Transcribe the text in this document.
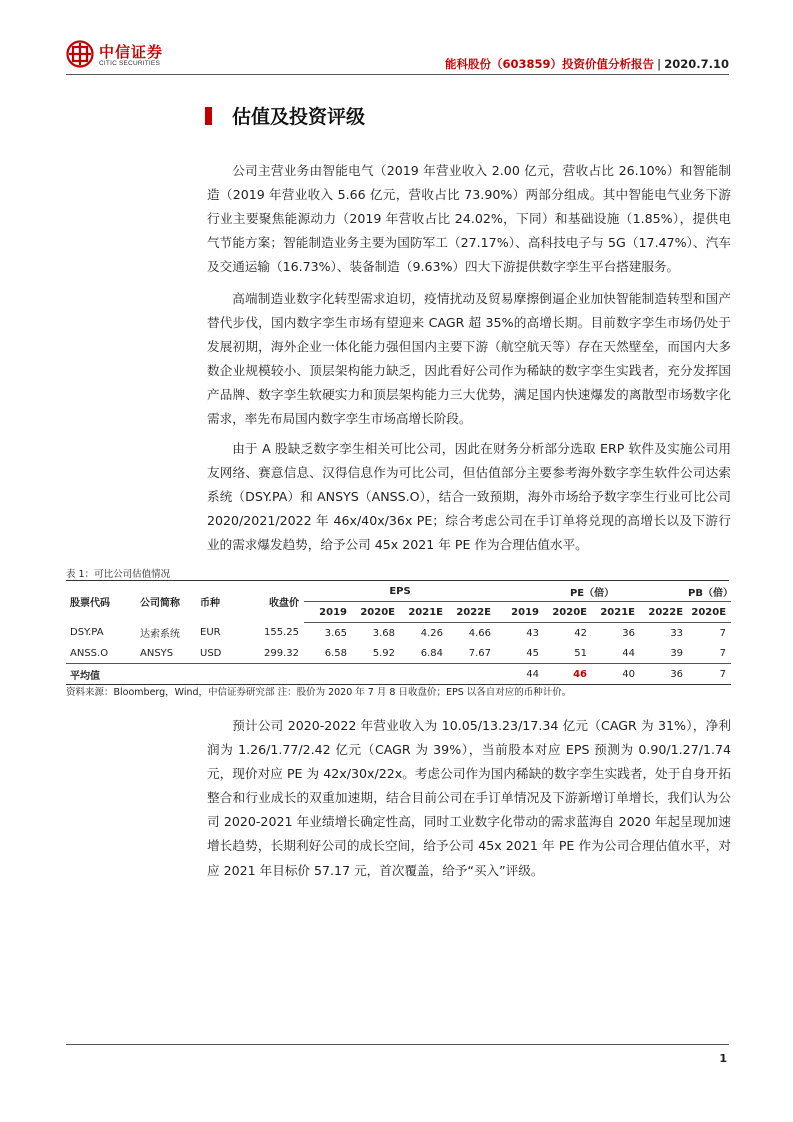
中信证券
CITIC SECURITIES	能科股份（603859）投资价值分析报告 | 2020.7.10
估值及投资评级

公司主营业务由智能电气（2019 年营业收入 2.00 亿元，营收占比 26.10%）和智能制造（2019 年营业收入 5.66 亿元，营收占比 73.90%）两部分组成。其中智能电气业务下游行业主要聚焦能源动力（2019 年营收占比 24.02%，下同）和基础设施（1.85%），提供电气节能方案；智能制造业务主要为国防军工（27.17%）、高科技电子与 5G（17.47%）、汽车及交通运输（16.73%）、装备制造（9.63%）四大下游提供数字孪生平台搭建服务。

高端制造业数字化转型需求迫切，疫情扰动及贸易摩擦倒逼企业加快智能制造转型和国产替代步伐，国内数字孪生市场有望迎来 CAGR 超 35%的高增长期。目前数字孪生市场仍处于发展初期，海外企业一体化能力强但国内主要下游（航空航天等）存在天然壁垒，而国内大多数企业规模较小、顶层架构能力缺乏，因此看好公司作为稀缺的数字孪生实践者，充分发挥国产品牌、数字孪生软硬实力和顶层架构能力三大优势，满足国内快速爆发的离散型市场数字化需求，率先布局国内数字孪生市场高增长阶段。

由于 A 股缺乏数字孪生相关可比公司，因此在财务分析部分选取 ERP 软件及实施公司用友网络、赛意信息、汉得信息作为可比公司，但估值部分主要参考海外数字孪生软件公司达索系统（DSY.PA）和 ANSYS（ANSS.O），结合一致预期，海外市场给予数字孪生行业可比公司 2020/2021/2022 年 46x/40x/36x PE；综合考虑公司在手订单将兑现的高增长以及下游行业的需求爆发趋势，给予公司 45x 2021 年 PE 作为合理估值水平。

表 1：可比公司估值情况
股票代码	公司简称	币种	收盘价	EPS				PE（倍）				PB（倍）
				2019	2020E	2021E	2022E	2019	2020E	2021E	2022E	2020E
DSY.PA	达索系统	EUR	155.25	3.65	3.68	4.26	4.66	43	42	36	33	7
ANSS.O	ANSYS	USD	299.32	6.58	5.92	6.84	7.67	45	51	44	39	7
平均值								44	46	40	36	7
资料来源：Bloomberg，Wind，中信证券研究部 注：股价为 2020 年 7 月 8 日收盘价；EPS 以各自对应的币种计价。

预计公司 2020-2022 年营业收入为 10.05/13.23/17.34 亿元（CAGR 为 31%），净利润为 1.26/1.77/2.42 亿元（CAGR 为 39%），当前股本对应 EPS 预测为 0.90/1.27/1.74 元，现价对应 PE 为 42x/30x/22x。考虑公司作为国内稀缺的数字孪生实践者，处于自身开拓整合和行业成长的双重加速期，结合目前公司在手订单情况及下游新增订单增长，我们认为公司 2020-2021 年业绩增长确定性高，同时工业数字化带动的需求蓝海自 2020 年起呈现加速增长趋势，长期利好公司的成长空间，给予公司 45x 2021 年 PE 作为公司合理估值水平，对应 2021 年目标价 57.17 元，首次覆盖，给予“买入”评级。

1
